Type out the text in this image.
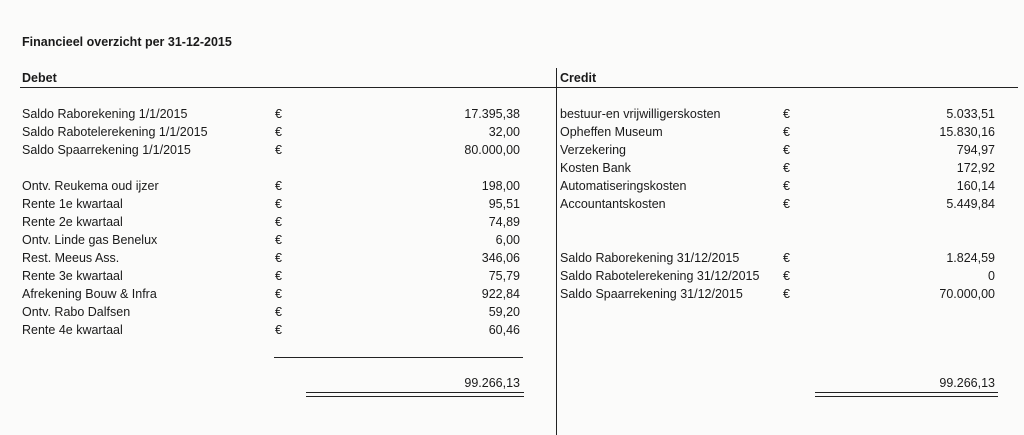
Financieel overzicht per 31-12-2015
Debet	Credit
Saldo Raborekening 1/1/2015	€	17.395,38
Saldo Rabotelerekening 1/1/2015	€	32,00
Saldo Spaarrekening 1/1/2015	€	80.000,00
Ontv. Reukema oud ijzer	€	198,00
Rente 1e kwartaal	€	95,51
Rente 2e kwartaal	€	74,89
Ontv. Linde gas Benelux	€	6,00
Rest. Meeus Ass.	€	346,06
Rente 3e kwartaal	€	75,79
Afrekening Bouw & Infra	€	922,84
Ontv. Rabo Dalfsen	€	59,20
Rente 4e kwartaal	€	60,46
bestuur-en vrijwilligerskosten	€	5.033,51
Opheffen Museum	€	15.830,16
Verzekering	€	794,97
Kosten Bank	€	172,92
Automatiseringskosten	€	160,14
Accountantskosten	€	5.449,84
Saldo Raborekening 31/12/2015	€	1.824,59
Saldo Rabotelerekening 31/12/2015 €	0
Saldo Spaarrekening 31/12/2015	€	70.000,00
99.266,13	99.266,13
